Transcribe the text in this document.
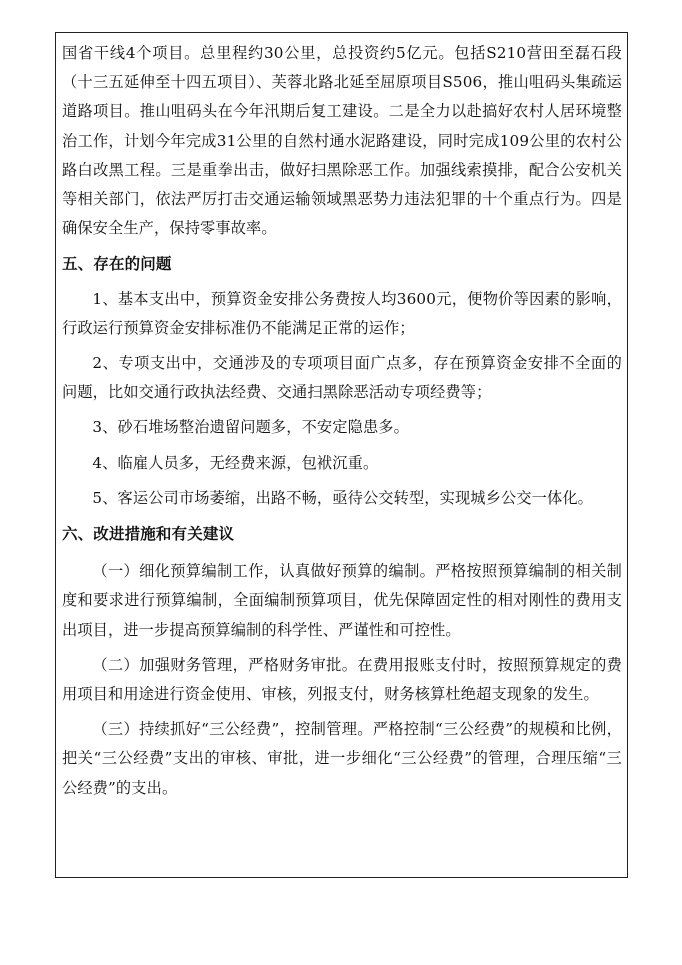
国省干线4个项目。总里程约30公里，总投资约5亿元。包括S210营田至磊石段（十三五延伸至十四五项目）、芙蓉北路北延至屈原项目S506，推山咀码头集疏运道路项目。推山咀码头在今年汛期后复工建设。二是全力以赴搞好农村人居环境整治工作，计划今年完成31公里的自然村通水泥路建设，同时完成109公里的农村公路白改黑工程。三是重拳出击，做好扫黑除恶工作。加强线索摸排，配合公安机关等相关部门，依法严厉打击交通运输领域黑恶势力违法犯罪的十个重点行为。四是确保安全生产，保持零事故率。

五、存在的问题

1、基本支出中，预算资金安排公务费按人均3600元，便物价等因素的影响，行政运行预算资金安排标准仍不能满足正常的运作；

2、专项支出中，交通涉及的专项项目面广点多，存在预算资金安排不全面的问题，比如交通行政执法经费、交通扫黑除恶活动专项经费等；

3、砂石堆场整治遗留问题多，不安定隐患多。

4、临雇人员多，无经费来源，包袱沉重。

5、客运公司市场萎缩，出路不畅，亟待公交转型，实现城乡公交一体化。

六、改进措施和有关建议

（一）细化预算编制工作，认真做好预算的编制。严格按照预算编制的相关制度和要求进行预算编制，全面编制预算项目，优先保障固定性的相对刚性的费用支出项目，进一步提高预算编制的科学性、严谨性和可控性。

（二）加强财务管理，严格财务审批。在费用报账支付时，按照预算规定的费用项目和用途进行资金使用、审核，列报支付，财务核算杜绝超支现象的发生。

（三）持续抓好“三公经费”，控制管理。严格控制“三公经费”的规模和比例，把关“三公经费”支出的审核、审批，进一步细化“三公经费”的管理，合理压缩“三公经费”的支出。
